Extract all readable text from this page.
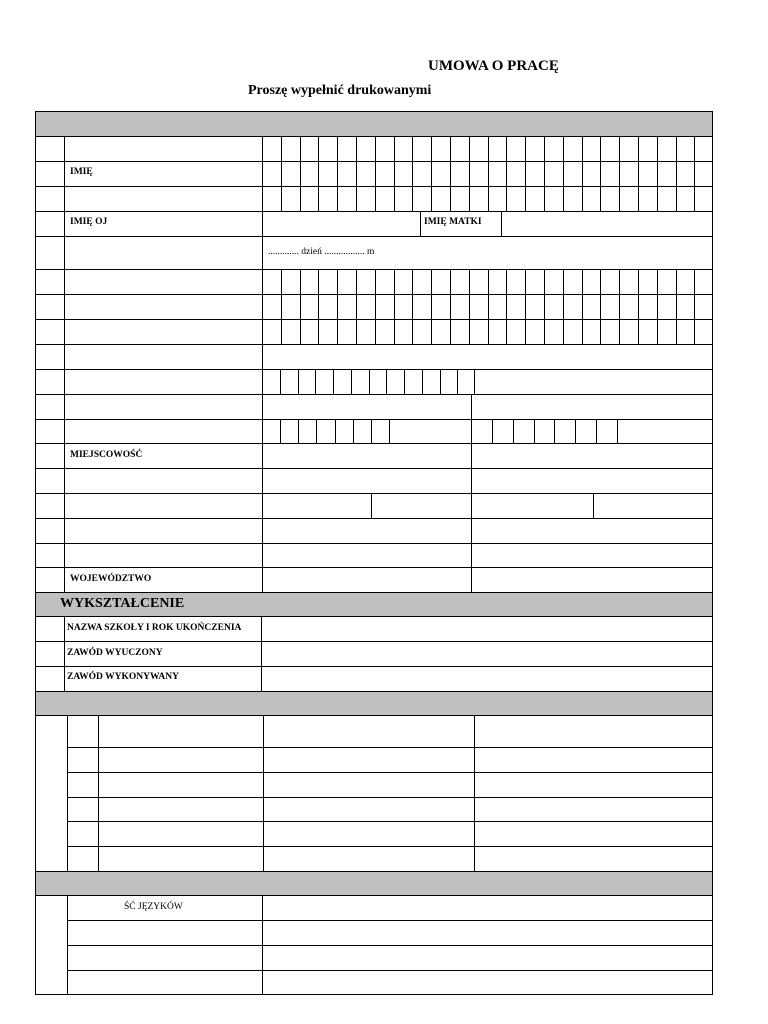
UMOWA O PRACĘ
Proszę wypełnić drukowanymi
IMIĘ
IMIĘ OJ	IMIĘ MATKI
............. dzień ................. m
MIEJSCOWOŚĆ
WOJEWÓDZTWO
WYKSZTAŁCENIE
NAZWA SZKOŁY I ROK UKOŃCZENIA
ZAWÓD WYUCZONY
ZAWÓD WYKONYWANY
ŚĆ JĘZYKÓW
